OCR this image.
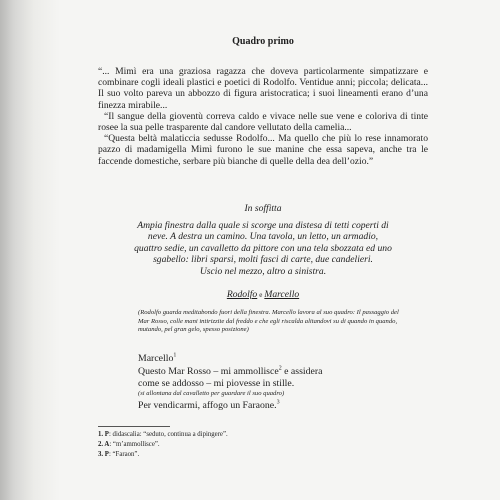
Quadro primo

“... Mimì era una graziosa ragazza che doveva particolarmente simpatizzare e combinare cogli ideali plastici e poetici di Rodolfo. Ventidue anni; piccola; delicata... Il suo volto pareva un abbozzo di figura aristocratica; i suoi lineamenti erano d’una finezza mirabile...

“Il sangue della gioventù correva caldo e vivace nelle sue vene e coloriva di tinte rosee la sua pelle trasparente dal candore vellutato della camelia...

“Questa beltà malaticcia sedusse Rodolfo... Ma quello che più lo rese innamorato pazzo di madamigella Mimì furono le sue manine che essa sapeva, anche tra le faccende domestiche, serbare più bianche di quelle della dea dell’ozio.”

In soffitta
Ampia finestra dalla quale si scorge una distesa di tetti coperti di
neve. A destra un camino. Una tavola, un letto, un armadio,
quattro sedie, un cavalletto da pittore con una tela sbozzata ed uno
sgabello: libri sparsi, molti fasci di carte, due candelieri.
Uscio nel mezzo, altro a sinistra.
Rodolfo e Marcello
(Rodolfo guarda meditabondo fuori della finestra. Marcello lavora al suo quadro: Il passaggio del Mar Rosso, colle mani intirizzite dal freddo e che egli riscalda alitandovi su di quando in quando, mutando, pel gran gelo, spesso posizione)
Marcello$^1$
Questo Mar Rosso – mi ammollisce$^2$ e assidera
come se addosso – mi piovesse in stille.
(si allontana dal cavalletto per guardare il suo quadro)
Per vendicarmi, affogo un Faraone.$^3$
1. P: didascalia: “seduto, continua a dipingere”.
2. A: “m’ammollisce”.
3. P: “Faraon”.
